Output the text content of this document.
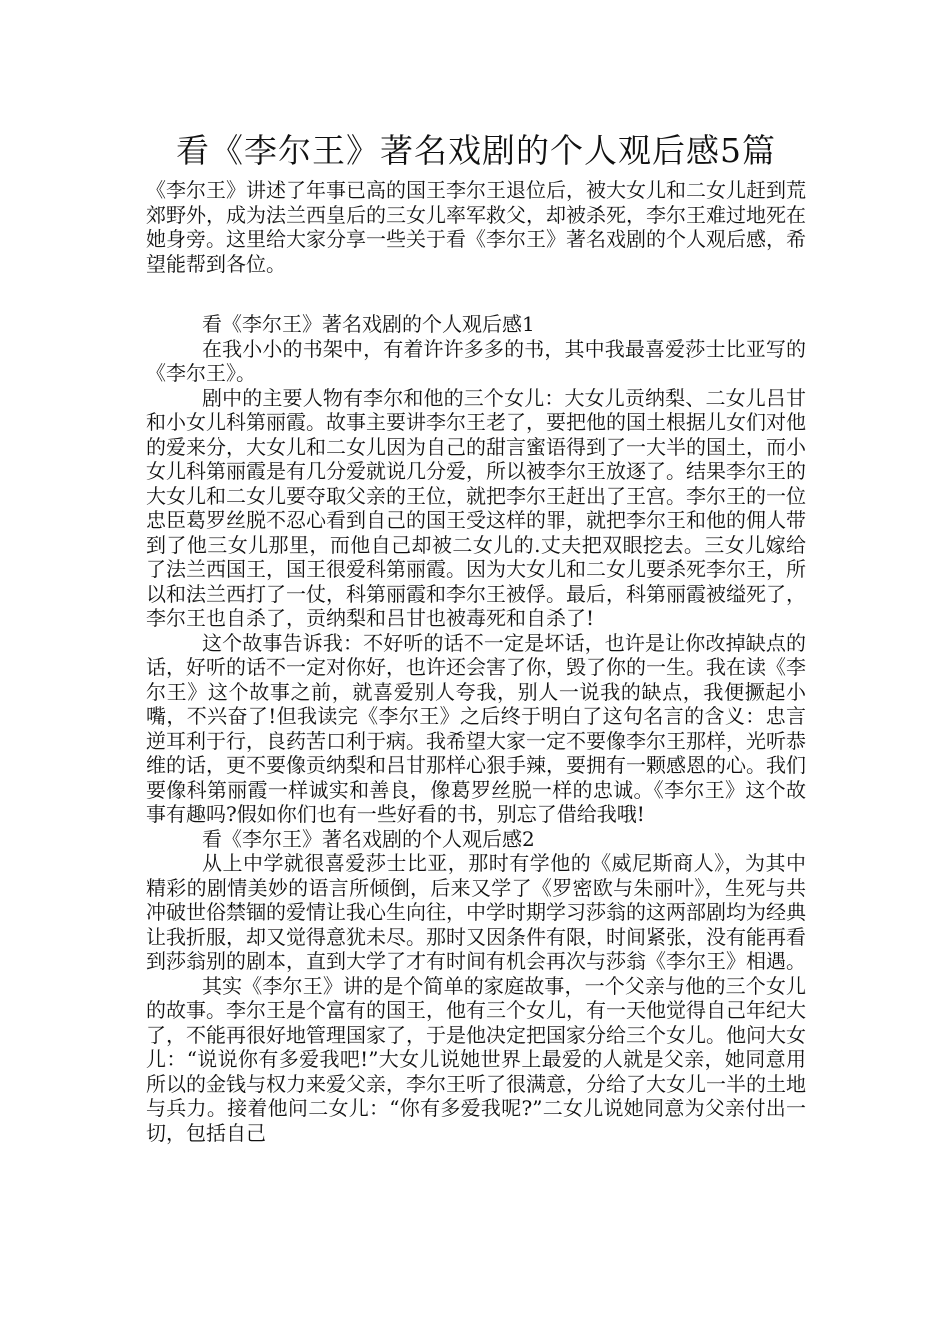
看《李尔王》著名戏剧的个人观后感5篇

《李尔王》讲述了年事已高的国王李尔王退位后，被大女儿和二女儿赶到荒郊野外，成为法兰西皇后的三女儿率军救父，却被杀死，李尔王难过地死在她身旁。这里给大家分享一些关于看《李尔王》著名戏剧的个人观后感，希望能帮到各位。

看《李尔王》著名戏剧的个人观后感1

在我小小的书架中，有着许许多多的书，其中我最喜爱莎士比亚写的《李尔王》。

剧中的主要人物有李尔和他的三个女儿：大女儿贡纳梨、二女儿吕甘和小女儿科第丽霞。故事主要讲李尔王老了，要把他的国土根据儿女们对他的爱来分，大女儿和二女儿因为自己的甜言蜜语得到了一大半的国土，而小女儿科第丽霞是有几分爱就说几分爱，所以被李尔王放逐了。结果李尔王的大女儿和二女儿要夺取父亲的王位，就把李尔王赶出了王宫。李尔王的一位忠臣葛罗丝脱不忍心看到自己的国王受这样的罪，就把李尔王和他的佣人带到了他三女儿那里，而他自己却被二女儿的.丈夫把双眼挖去。三女儿嫁给了法兰西国王，国王很爱科第丽霞。因为大女儿和二女儿要杀死李尔王，所以和法兰西打了一仗，科第丽霞和李尔王被俘。最后，科第丽霞被缢死了，李尔王也自杀了，贡纳梨和吕甘也被毒死和自杀了!

这个故事告诉我：不好听的话不一定是坏话，也许是让你改掉缺点的话，好听的话不一定对你好，也许还会害了你，毁了你的一生。我在读《李尔王》这个故事之前，就喜爱别人夸我，别人一说我的缺点，我便撅起小嘴，不兴奋了!但我读完《李尔王》之后终于明白了这句名言的含义：忠言逆耳利于行，良药苦口利于病。我希望大家一定不要像李尔王那样，光听恭维的话，更不要像贡纳梨和吕甘那样心狠手辣，要拥有一颗感恩的心。我们要像科第丽霞一样诚实和善良，像葛罗丝脱一样的忠诚。《李尔王》这个故事有趣吗?假如你们也有一些好看的书，别忘了借给我哦!

看《李尔王》著名戏剧的个人观后感2

从上中学就很喜爱莎士比亚，那时有学他的《威尼斯商人》，为其中精彩的剧情美妙的语言所倾倒，后来又学了《罗密欧与朱丽叶》，生死与共冲破世俗禁锢的爱情让我心生向往，中学时期学习莎翁的这两部剧均为经典让我折服，却又觉得意犹未尽。那时又因条件有限，时间紧张，没有能再看到莎翁别的剧本，直到大学了才有时间有机会再次与莎翁《李尔王》相遇。

其实《李尔王》讲的是个简单的家庭故事，一个父亲与他的三个女儿的故事。李尔王是个富有的国王，他有三个女儿，有一天他觉得自己年纪大了，不能再很好地管理国家了，于是他决定把国家分给三个女儿。他问大女儿：“说说你有多爱我吧!”大女儿说她世界上最爱的人就是父亲，她同意用所以的金钱与权力来爱父亲，李尔王听了很满意，分给了大女儿一半的土地与兵力。接着他问二女儿：“你有多爱我呢?”二女儿说她同意为父亲付出一切，包括自己
